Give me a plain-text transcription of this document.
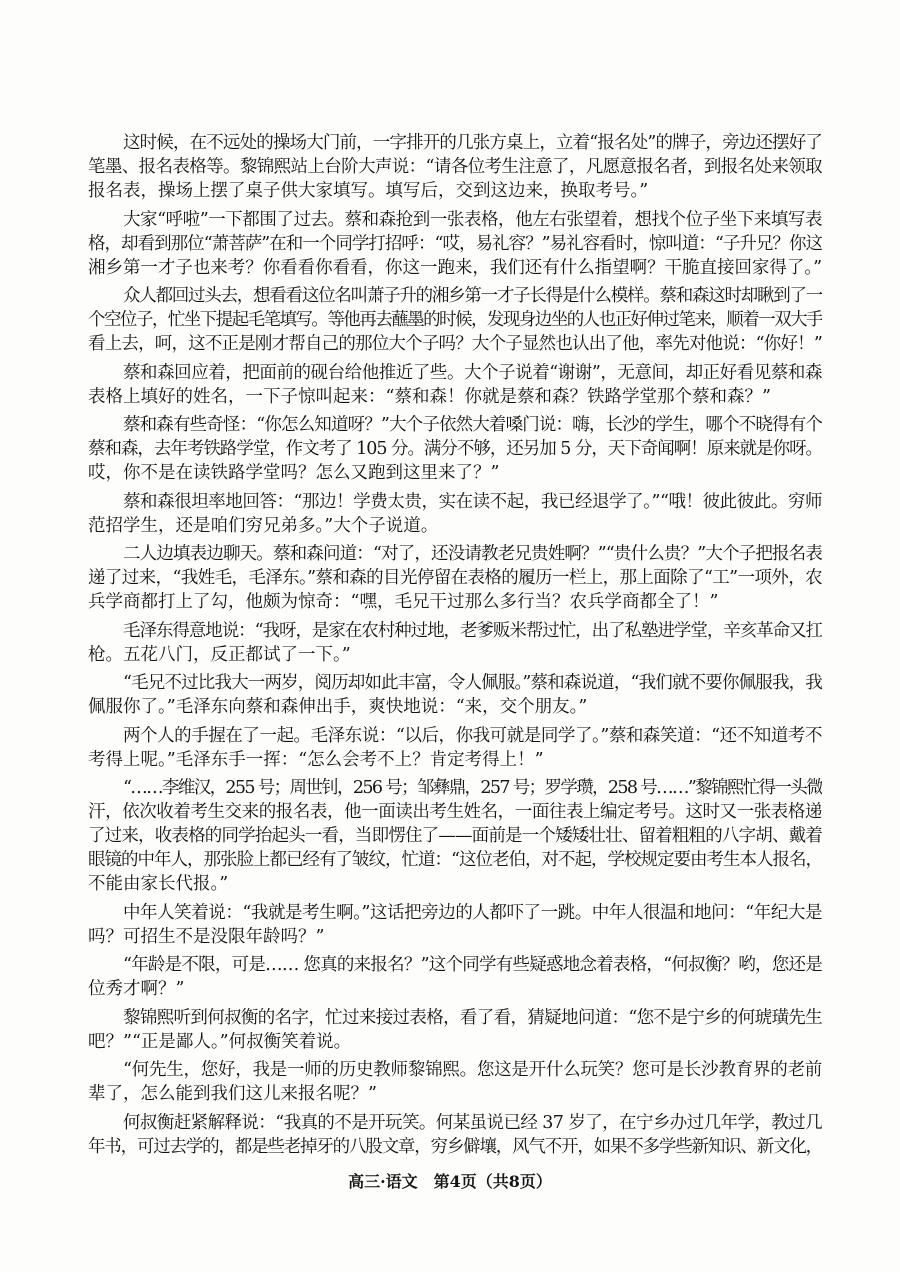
这时候，在不远处的操场大门前，一字排开的几张方桌上，立着“报名处”的牌子，旁边还摆好了
笔墨、报名表格等。黎锦熙站上台阶大声说：“请各位考生注意了，凡愿意报名者，到报名处来领取
报名表，操场上摆了桌子供大家填写。填写后，交到这边来，换取考号。”
大家“呼啦”一下都围了过去。蔡和森抢到一张表格，他左右张望着，想找个位子坐下来填写表
格，却看到那位“萧菩萨”在和一个同学打招呼：“哎，易礼容？”易礼容看时，惊叫道：“子升兄？你这
湘乡第一才子也来考？你看看你看看，你这一跑来，我们还有什么指望啊？干脆直接回家得了。”
众人都回过头去，想看看这位名叫萧子升的湘乡第一才子长得是什么模样。蔡和森这时却瞅到了一
个空位子，忙坐下提起毛笔填写。等他再去蘸墨的时候，发现身边坐的人也正好伸过笔来，顺着一双大手
看上去，呵，这不正是刚才帮自己的那位大个子吗？大个子显然也认出了他，率先对他说：“你好！”
蔡和森回应着，把面前的砚台给他推近了些。大个子说着“谢谢”，无意间，却正好看见蔡和森
表格上填好的姓名，一下子惊叫起来：“蔡和森！你就是蔡和森？铁路学堂那个蔡和森？”
蔡和森有些奇怪：“你怎么知道呀？”大个子依然大着嗓门说：嗨，长沙的学生，哪个不晓得有个
蔡和森，去年考铁路学堂，作文考了 105 分。满分不够，还另加 5 分，天下奇闻啊！原来就是你呀。
哎，你不是在读铁路学堂吗？怎么又跑到这里来了？”
蔡和森很坦率地回答：“那边！学费太贵，实在读不起，我已经退学了。”“哦！彼此彼此。穷师
范招学生，还是咱们穷兄弟多。”大个子说道。
二人边填表边聊天。蔡和森问道：“对了，还没请教老兄贵姓啊？”“贵什么贵？”大个子把报名表
递了过来，“我姓毛，毛泽东。”蔡和森的目光停留在表格的履历一栏上，那上面除了“工”一项外，农
兵学商都打上了勾，他颇为惊奇：“嘿，毛兄干过那么多行当？农兵学商都全了！”
毛泽东得意地说：“我呀，是家在农村种过地，老爹贩米帮过忙，出了私塾进学堂，辛亥革命又扛
枪。五花八门，反正都试了一下。”
“毛兄不过比我大一两岁，阅历却如此丰富，令人佩服。”蔡和森说道，“我们就不要你佩服我，我
佩服你了。”毛泽东向蔡和森伸出手，爽快地说：“来，交个朋友。”
两个人的手握在了一起。毛泽东说：“以后，你我可就是同学了。”蔡和森笑道：“还不知道考不
考得上呢。”毛泽东手一挥：“怎么会考不上？肯定考得上！”
“……李维汉，255 号；周世钊，256 号；邹彝鼎，257 号；罗学瓒，258 号……”黎锦熙忙得一头微
汗，依次收着考生交来的报名表，他一面读出考生姓名，一面往表上编定考号。这时又一张表格递
了过来，收表格的同学抬起头一看，当即愣住了——面前是一个矮矮壮壮、留着粗粗的八字胡、戴着
眼镜的中年人，那张脸上都已经有了皱纹，忙道：“这位老伯，对不起，学校规定要由考生本人报名，
不能由家长代报。”
中年人笑着说：“我就是考生啊。”这话把旁边的人都吓了一跳。中年人很温和地问：“年纪大是
吗？可招生不是没限年龄吗？”
“年龄是不限，可是…… 您真的来报名？”这个同学有些疑惑地念着表格，“何叔衡？哟，您还是
位秀才啊？”
黎锦熙听到何叔衡的名字，忙过来接过表格，看了看，猜疑地问道：“您不是宁乡的何琥璜先生
吧？”“正是鄙人。”何叔衡笑着说。
“何先生，您好，我是一师的历史教师黎锦熙。您这是开什么玩笑？您可是长沙教育界的老前
辈了，怎么能到我们这儿来报名呢？”
何叔衡赶紧解释说：“我真的不是开玩笑。何某虽说已经 37 岁了，在宁乡办过几年学，教过几
年书，可过去学的，都是些老掉牙的八股文章，穷乡僻壤，风气不开，如果不多学些新知识、新文化，
高三·语文　第4页（共8页）
